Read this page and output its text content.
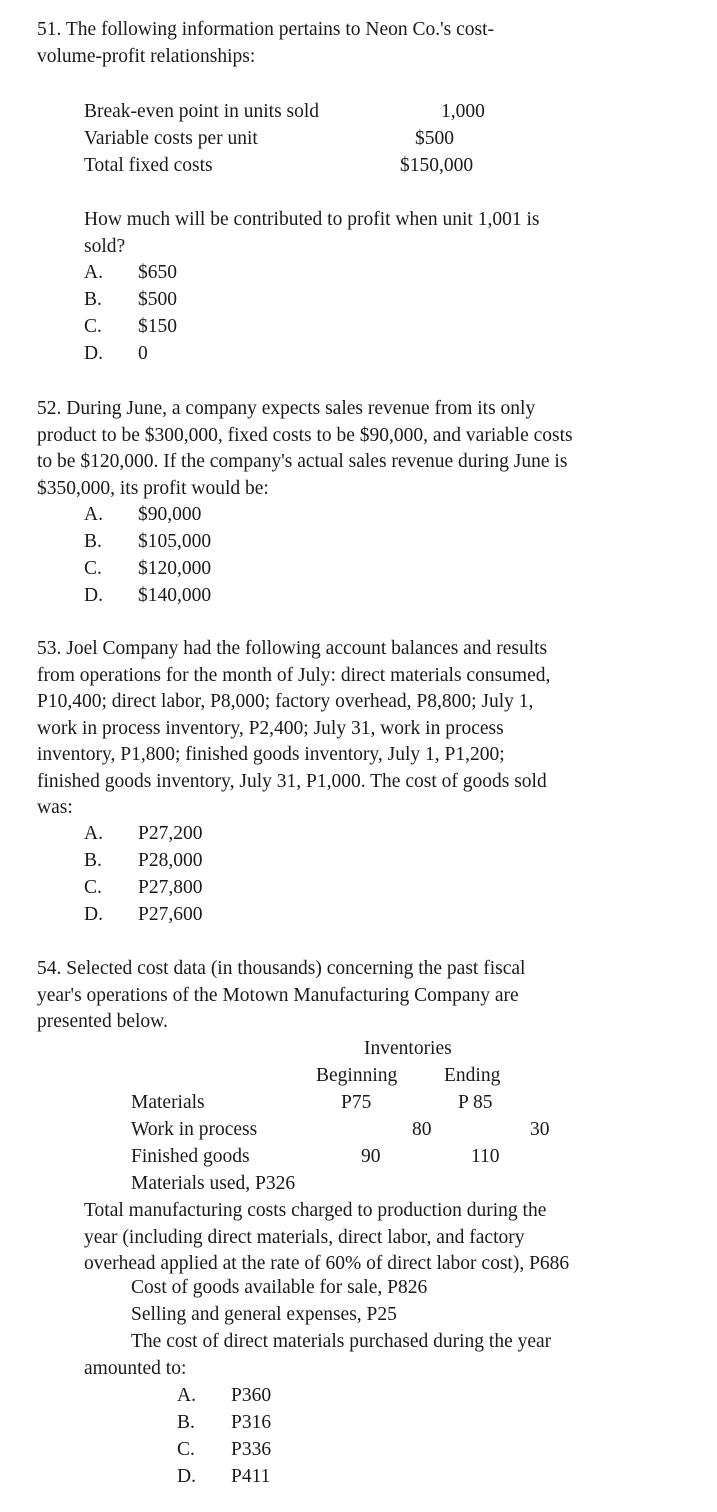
51. The following information pertains to Neon Co.'s cost-
volume-profit relationships:
Break-even point in units sold	1,000
Variable costs per unit	$500
Total fixed costs	$150,000
How much will be contributed to profit when unit 1,001 is
sold?
A. $650
B. $500
C. $150
D. 0
52. During June, a company expects sales revenue from its only
product to be $300,000, fixed costs to be $90,000, and variable costs
to be $120,000. If the company's actual sales revenue during June is
$350,000, its profit would be:
A. $90,000
B. $105,000
C. $120,000
D. $140,000
53. Joel Company had the following account balances and results
from operations for the month of July: direct materials consumed,
P10,400; direct labor, P8,000; factory overhead, P8,800; July 1,
work in process inventory, P2,400; July 31, work in process
inventory, P1,800; finished goods inventory, July 1, P1,200;
finished goods inventory, July 31, P1,000. The cost of goods sold
was:
A. P27,200
B. P28,000
C. P27,800
D. P27,600
54. Selected cost data (in thousands) concerning the past fiscal
year's operations of the Motown Manufacturing Company are
presented below.
Inventories
Beginning Ending
Materials	P75	P 85
Work in process	80	30
Finished goods	90	110
Materials used, P326
Total manufacturing costs charged to production during the
year (including direct materials, direct labor, and factory
overhead applied at the rate of 60% of direct labor cost), P686
Cost of goods available for sale, P826
Selling and general expenses, P25
The cost of direct materials purchased during the year
amounted to:
A. P360
B. P316
C. P336
D. P411
